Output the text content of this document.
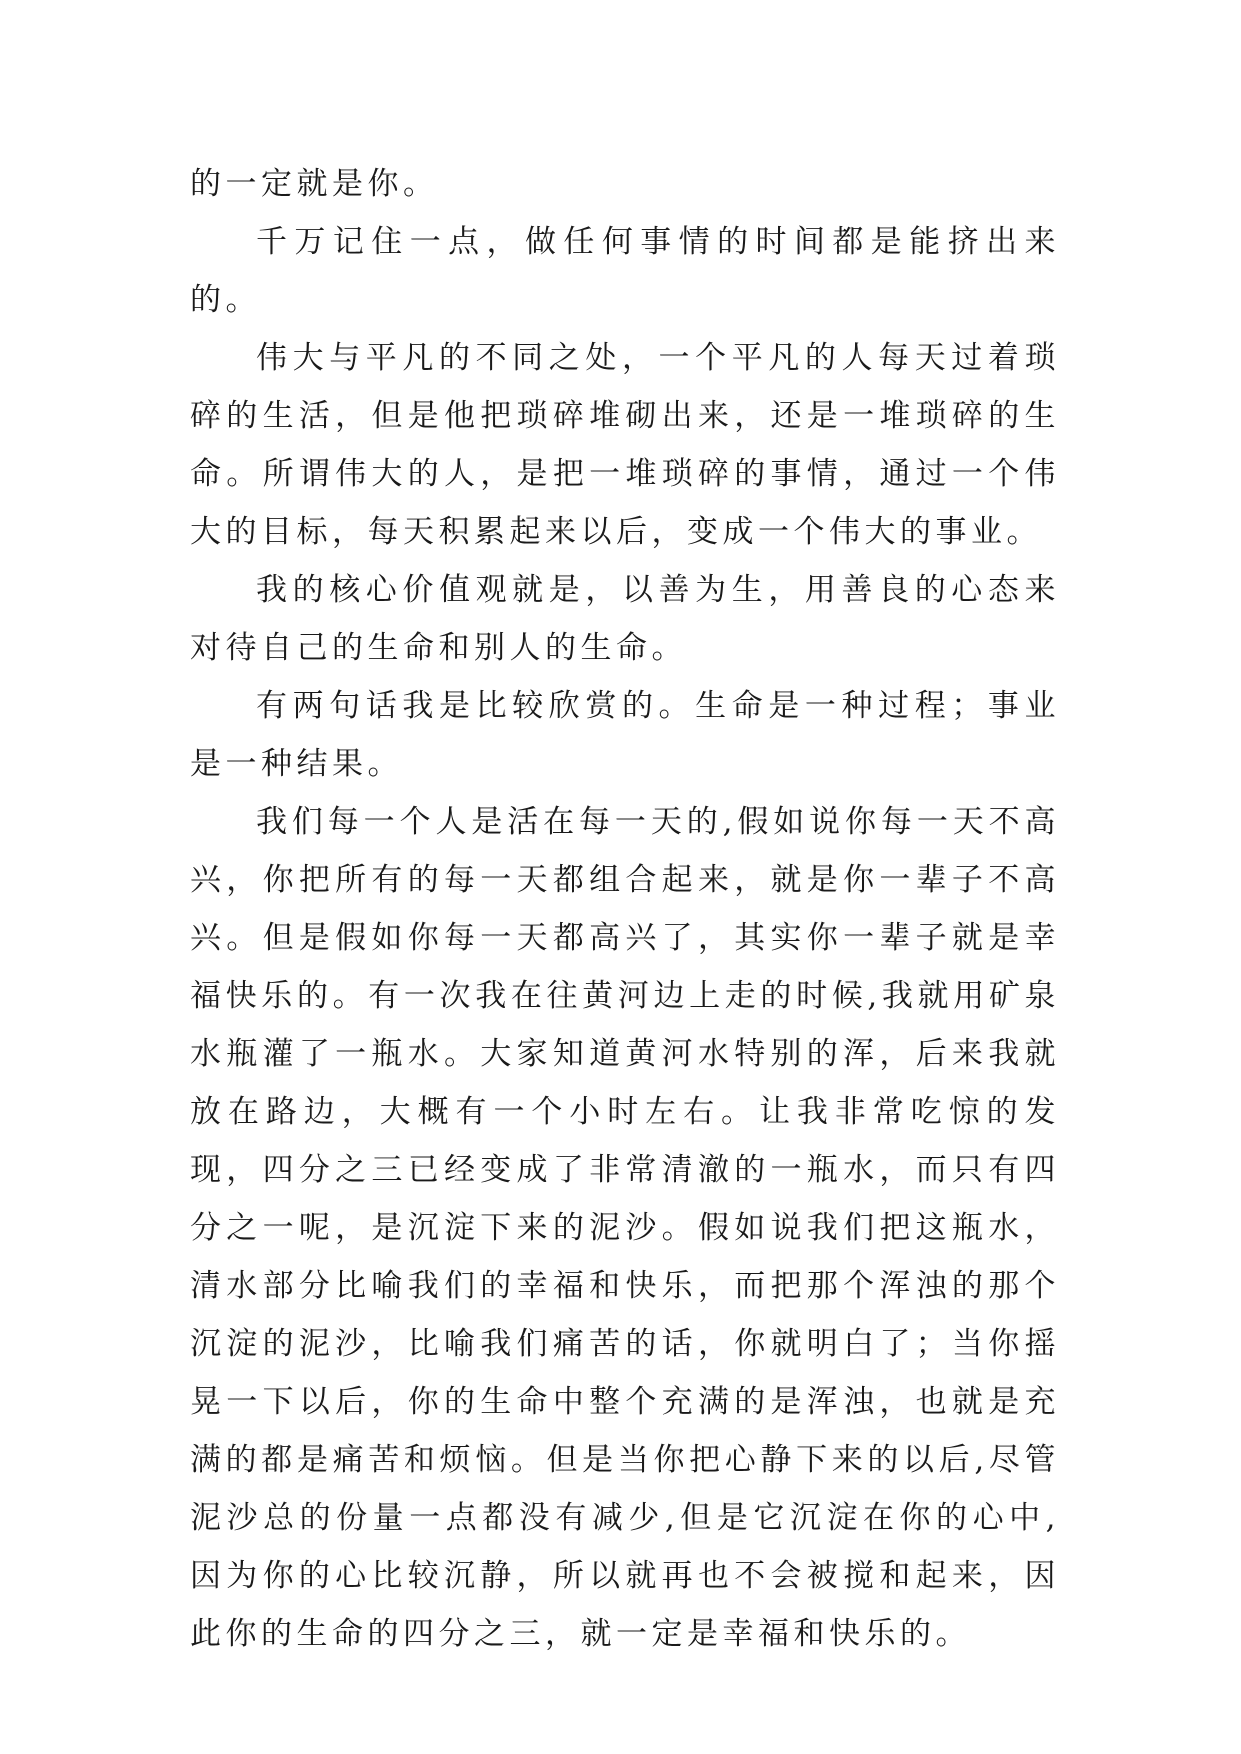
的一定就是你。

千万记住一点，做任何事情的时间都是能挤出来的。

伟大与平凡的不同之处，一个平凡的人每天过着琐碎的生活，但是他把琐碎堆砌出来，还是一堆琐碎的生命。所谓伟大的人，是把一堆琐碎的事情，通过一个伟大的目标，每天积累起来以后，变成一个伟大的事业。

我的核心价值观就是，以善为生，用善良的心态来对待自己的生命和别人的生命。

有两句话我是比较欣赏的。生命是一种过程；事业是一种结果。

我们每一个人是活在每一天的,假如说你每一天不高兴，你把所有的每一天都组合起来，就是你一辈子不高兴。但是假如你每一天都高兴了，其实你一辈子就是幸福快乐的。有一次我在往黄河边上走的时候,我就用矿泉水瓶灌了一瓶水。大家知道黄河水特别的浑，后来我就放在路边，大概有一个小时左右。让我非常吃惊的发现，四分之三已经变成了非常清澈的一瓶水，而只有四分之一呢，是沉淀下来的泥沙。假如说我们把这瓶水，清水部分比喻我们的幸福和快乐，而把那个浑浊的那个沉淀的泥沙，比喻我们痛苦的话，你就明白了；当你摇晃一下以后，你的生命中整个充满的是浑浊，也就是充满的都是痛苦和烦恼。但是当你把心静下来的以后,尽管泥沙总的份量一点都没有减少,但是它沉淀在你的心中,因为你的心比较沉静，所以就再也不会被搅和起来，因此你的生命的四分之三，就一定是幸福和快乐的。
